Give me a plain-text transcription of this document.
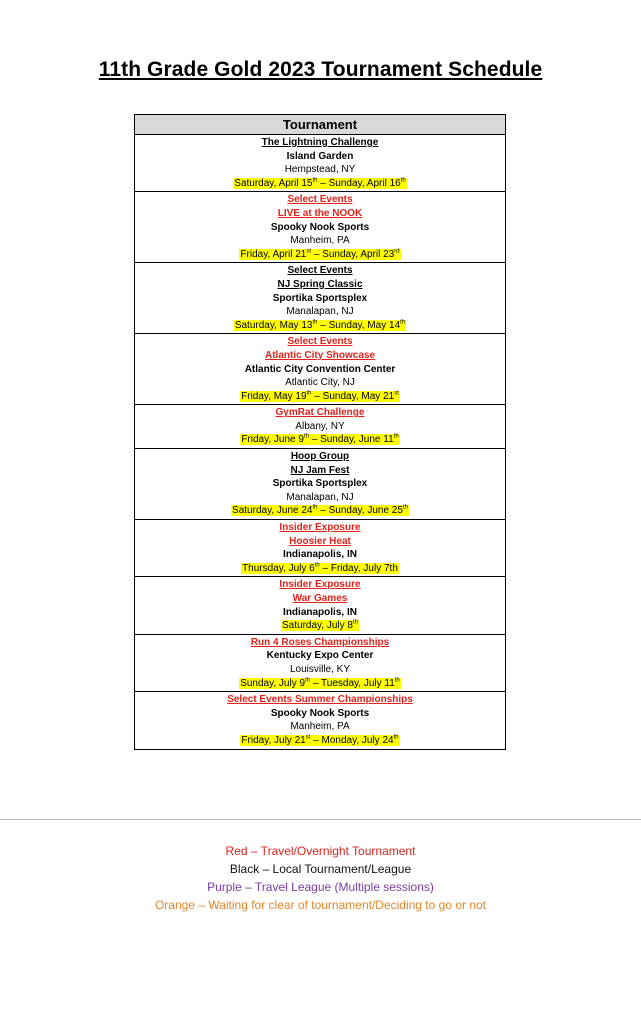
11th Grade Gold 2023 Tournament Schedule
Tournament

The Lightning Challenge
Island Garden
Hempstead, NY
Saturday, April 15th – Sunday, April 16th

Select Events
LIVE at the NOOK
Spooky Nook Sports
Manheim, PA
Friday, April 21st – Sunday, April 23rd

Select Events
NJ Spring Classic
Sportika Sportsplex
Manalapan, NJ
Saturday, May 13th – Sunday, May 14th

Select Events
Atlantic City Showcase
Atlantic City Convention Center
Atlantic City, NJ
Friday, May 19th – Sunday, May 21st

GymRat Challenge
Albany, NY
Friday, June 9th – Sunday, June 11th

Hoop Group
NJ Jam Fest
Sportika Sportsplex
Manalapan, NJ
Saturday, June 24th – Sunday, June 25th

Insider Exposure
Hoosier Heat
Indianapolis, IN
Thursday, July 6th – Friday, July 7th

Insider Exposure
War Games
Indianapolis, IN
Saturday, July 8th

Run 4 Roses Championships
Kentucky Expo Center
Louisville, KY
Sunday, July 9th – Tuesday, July 11th

Select Events Summer Championships
Spooky Nook Sports
Manheim, PA
Friday, July 21st – Monday, July 24th
Red – Travel/Overnight Tournament
Black – Local Tournament/League
Purple – Travel League (Multiple sessions)
Orange – Waiting for clear of tournament/Deciding to go or not
